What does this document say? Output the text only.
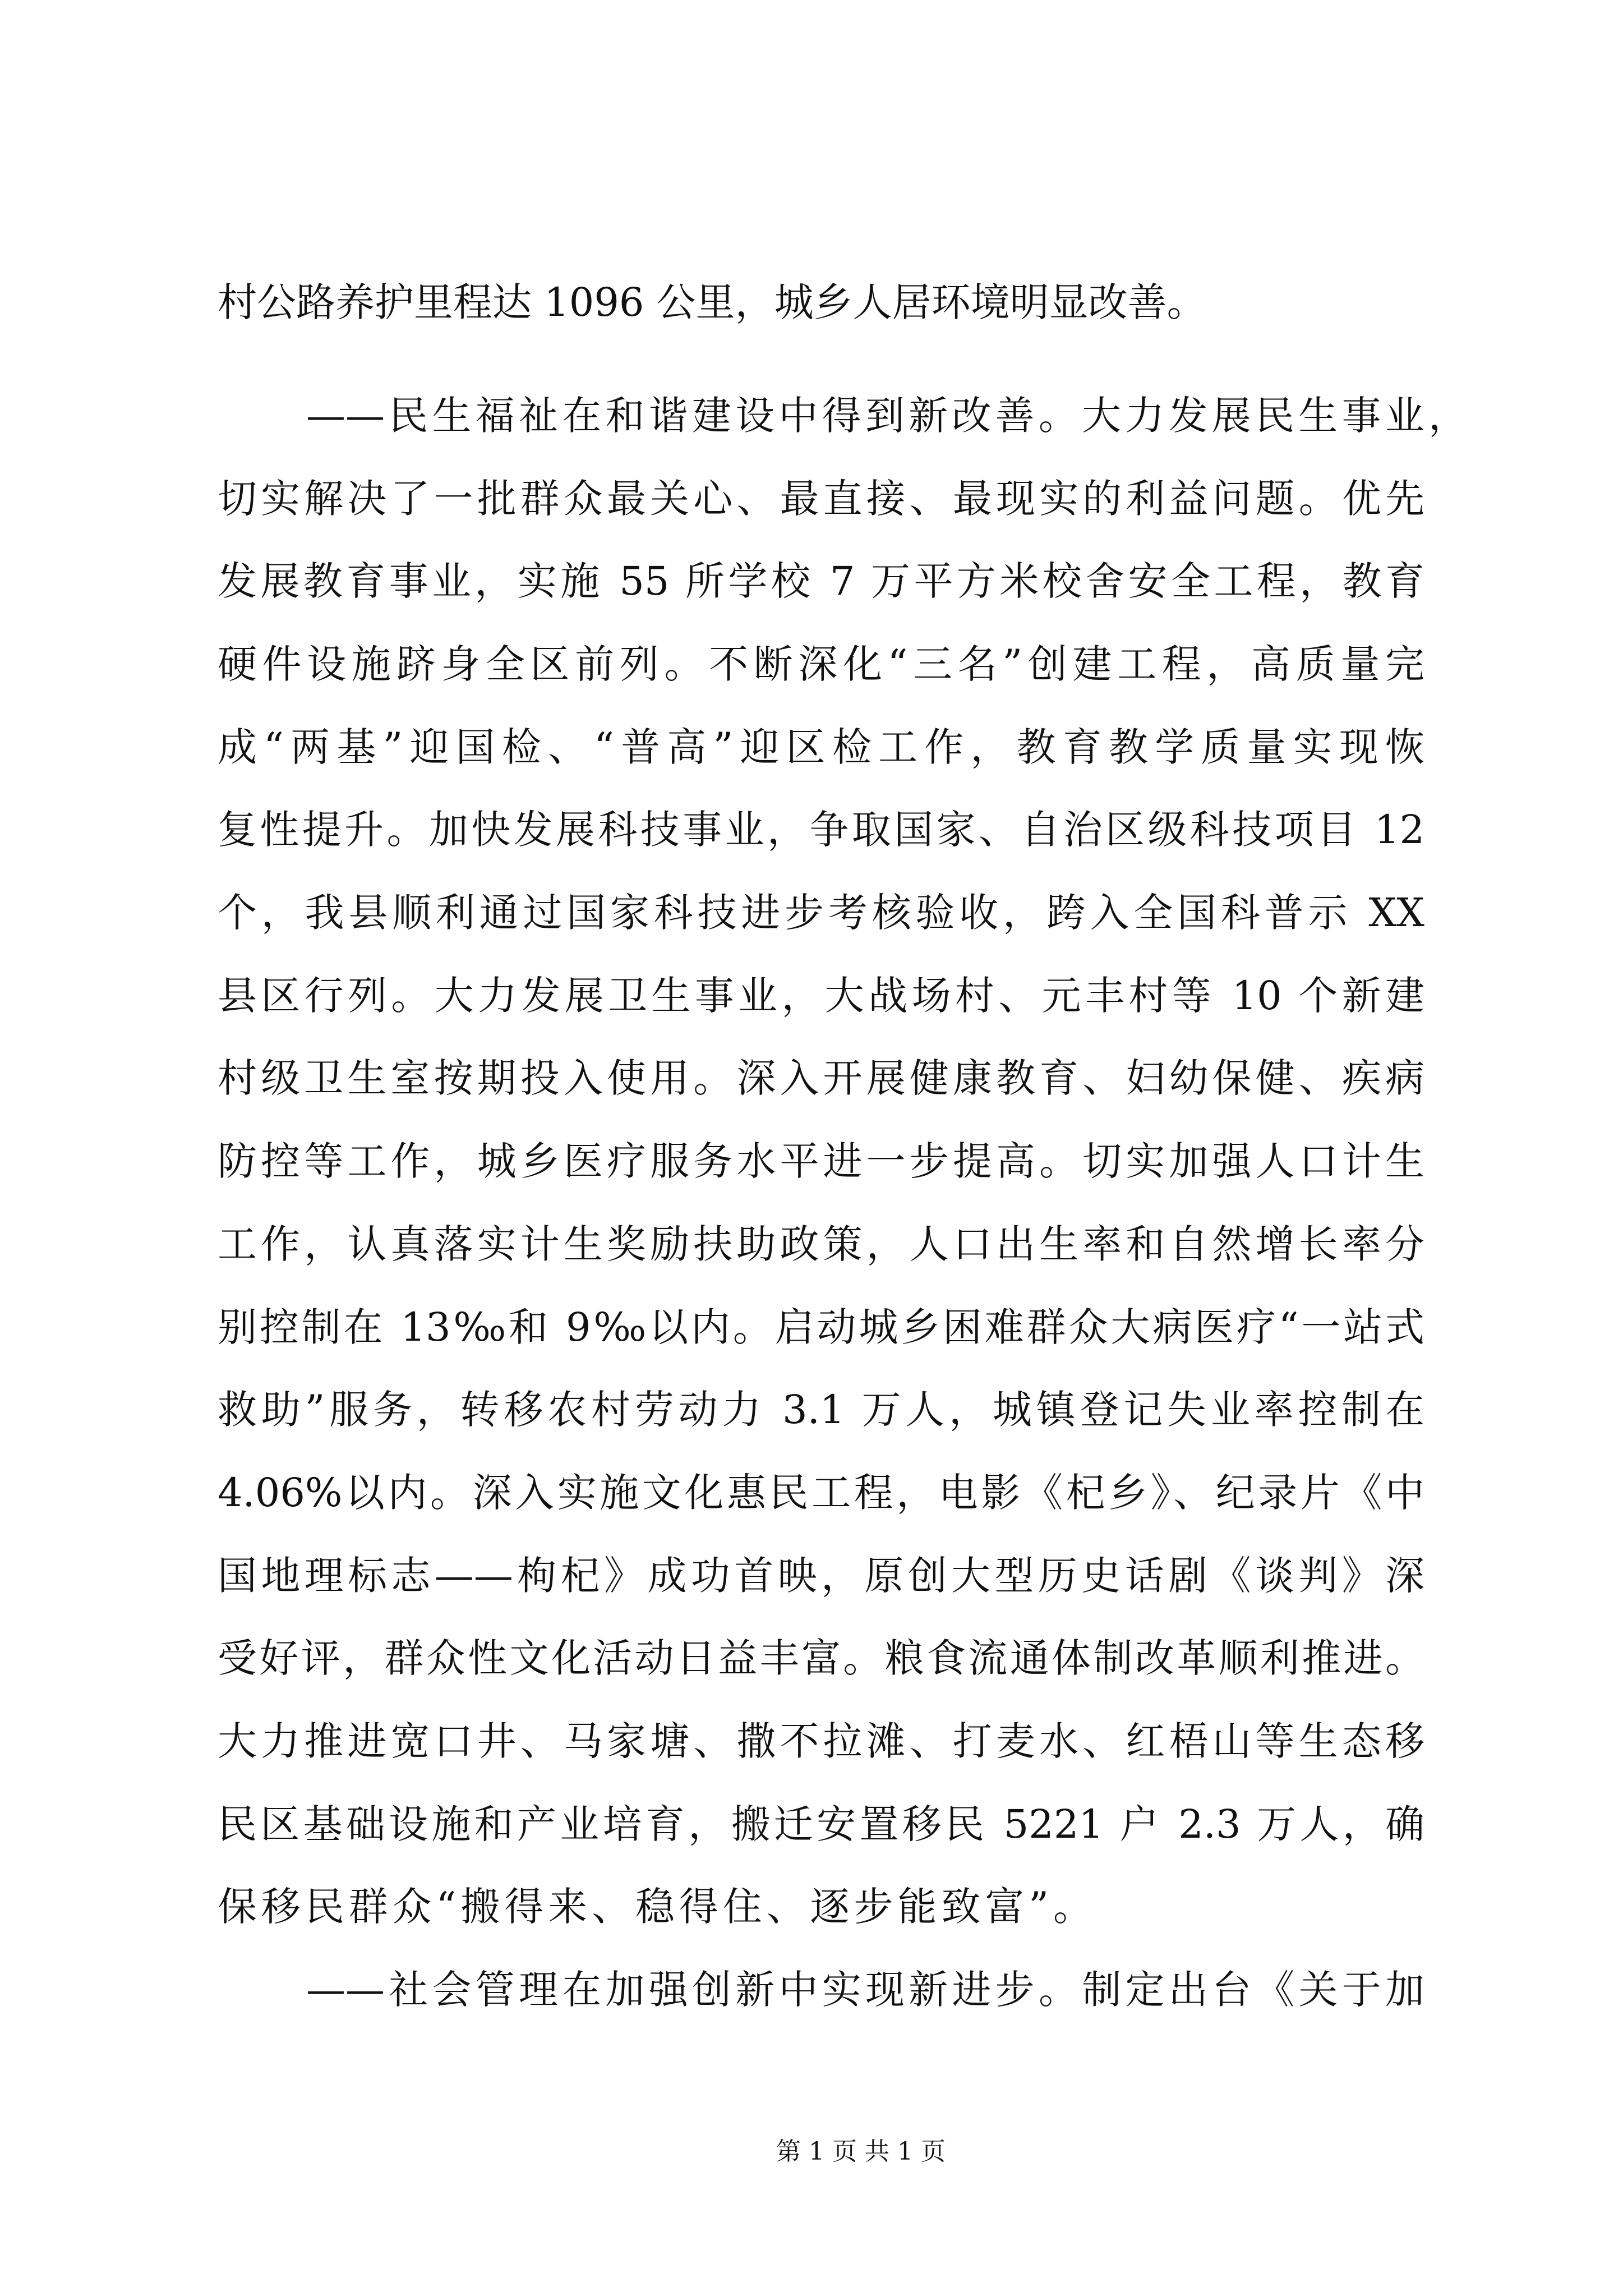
村公路养护里程达 1096 公里，城乡人居环境明显改善。
——民生福祉在和谐建设中得到新改善。大力发展民生事业，
切实解决了一批群众最关心、最直接、最现实的利益问题。优先
发展教育事业，实施 55 所学校 7 万平方米校舍安全工程，教育
硬件设施跻身全区前列。不断深化“三名”创建工程，高质量完
成“两基”迎国检、“普高”迎区检工作，教育教学质量实现恢
复性提升。加快发展科技事业，争取国家、自治区级科技项目 12
个，我县顺利通过国家科技进步考核验收，跨入全国科普示 XX
县区行列。大力发展卫生事业，大战场村、元丰村等 10 个新建
村级卫生室按期投入使用。深入开展健康教育、妇幼保健、疾病
防控等工作，城乡医疗服务水平进一步提高。切实加强人口计生
工作，认真落实计生奖励扶助政策，人口出生率和自然增长率分
别控制在 13‰和 9‰以内。启动城乡困难群众大病医疗“一站式
救助”服务，转移农村劳动力 3.1 万人，城镇登记失业率控制在
4.06%以内。深入实施文化惠民工程，电影《杞乡》、纪录片《中
国地理标志——枸杞》成功首映，原创大型历史话剧《谈判》深
受好评，群众性文化活动日益丰富。粮食流通体制改革顺利推进。
大力推进宽口井、马家塘、撒不拉滩、打麦水、红梧山等生态移
民区基础设施和产业培育，搬迁安置移民 5221 户 2.3 万人，确
保移民群众“搬得来、稳得住、逐步能致富”。
——社会管理在加强创新中实现新进步。制定出台《关于加
第 1 页 共 1 页
